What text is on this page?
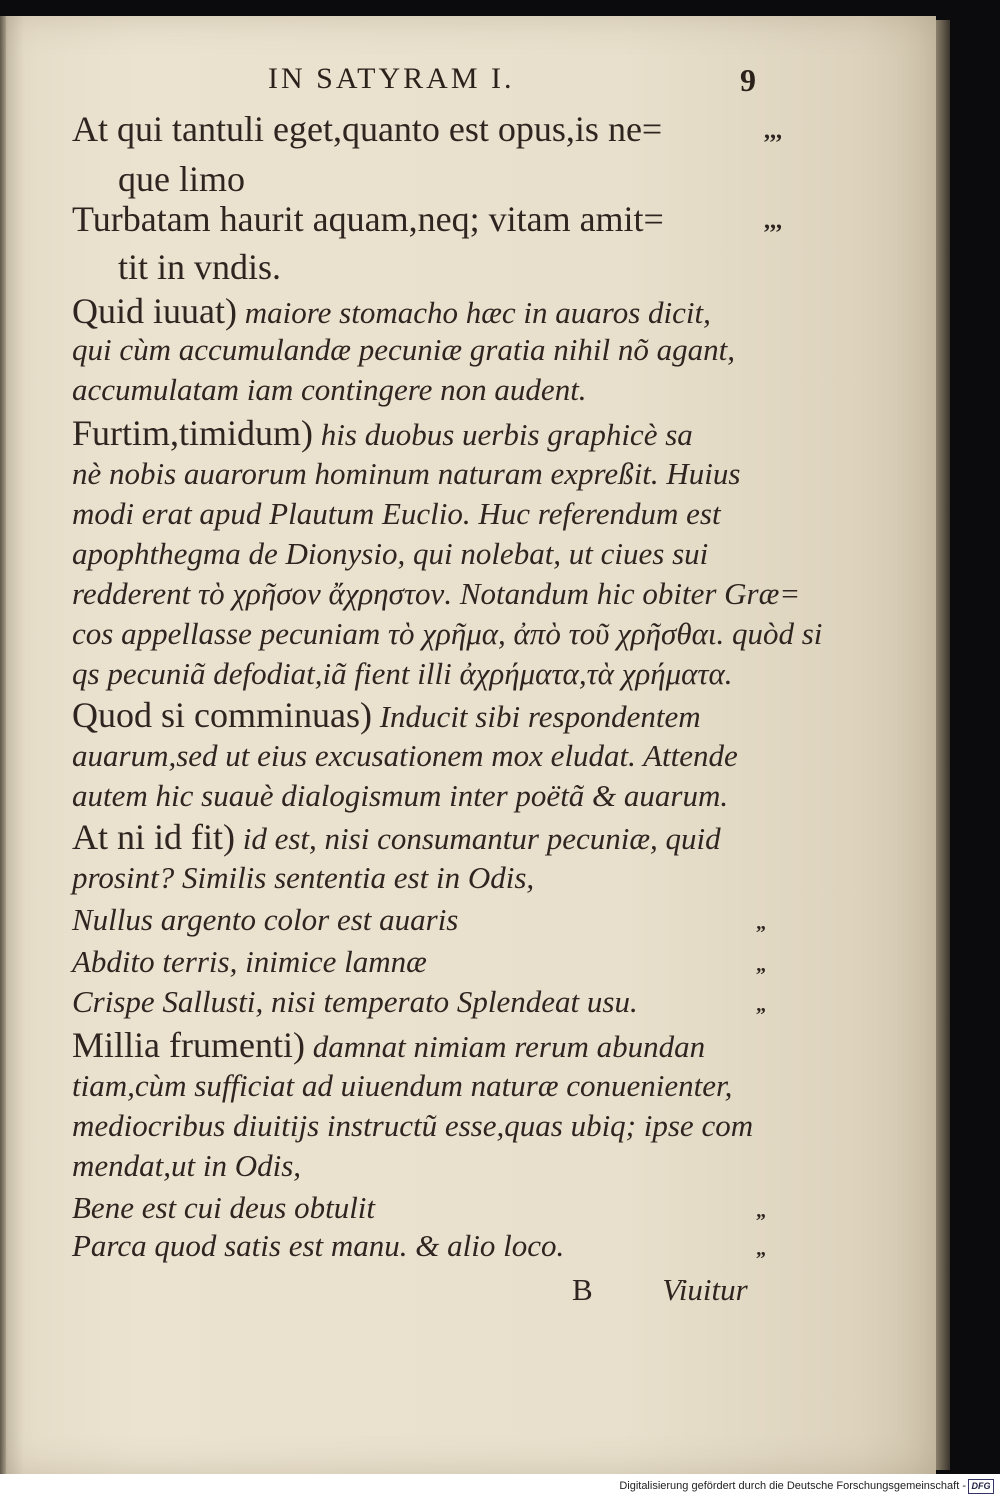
IN SATYRAM I.	9
At qui tantuli eget,quanto est opus,is ne=	,,,
que limo
Turbatam haurit aquam,neq; vitam amit=	,,,
tit in vndis.
Quid iuuat) maiore stomacho hæc in auaros dicit,
qui cùm accumulandæ pecuniæ gratia nihil nõ agant,
accumulatam iam contingere non audent.
Furtim,timidum) his duobus uerbis graphicè sa
nè nobis auarorum hominum naturam expreßit. Huius
modi erat apud Plautum Euclio. Huc referendum est
apophthegma de Dionysio, qui nolebat, ut ciues sui
redderent τὸ χρῆσον ἄχρηστον. Notandum hic obiter Græ=
cos appellasse pecuniam τὸ χρῆμα, ἀπὸ τοῦ χρῆσθαι. quòd si
qs pecuniã defodiat,iã fient illi ἀχρήματα,τὰ χρήματα.
Quod si comminuas) Inducit sibi respondentem
auarum,sed ut eius excusationem mox eludat. Attende
autem hic suauè dialogismum inter poëtã & auarum.
At ni id fit) id est, nisi consumantur pecuniæ, quid
prosint? Similis sententia est in Odis,
Nullus argento color est auaris	„
Abdito terris, inimice lamnæ	„
Crispe Sallusti, nisi temperato Splendeat usu.	„
Millia frumenti) damnat nimiam rerum abundan
tiam,cùm sufficiat ad uiuendum naturæ conuenienter,
mediocribus diuitijs instructũ esse,quas ubiq; ipse com
mendat,ut in Odis,
Bene est cui deus obtulit	„
Parca quod satis est manu. & alio loco.	„
B Viuitur
Digitalisierung gefördert durch die Deutsche Forschungsgemeinschaft - DFG
